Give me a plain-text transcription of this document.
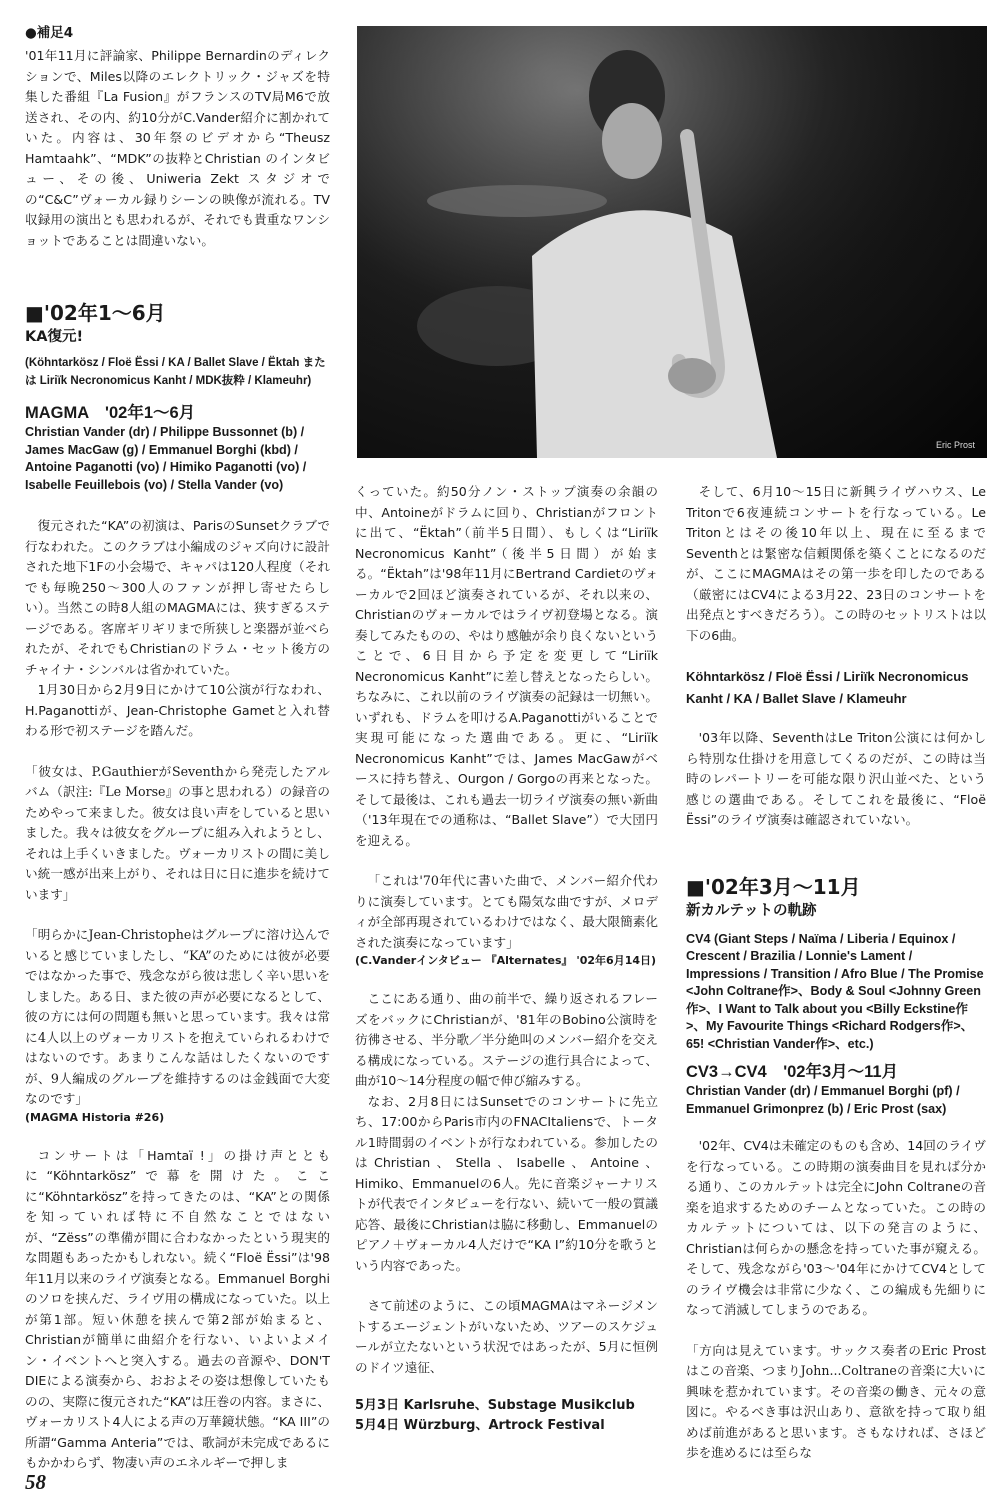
Eric Prost

●補足4

'01年11月に評論家、Philippe Bernardinのディレクションで、Miles以降のエレクトリック・ジャズを特集した番組『La Fusion』がフランスのTV局M6で放送され、その内、約10分がC.Vander紹介に割かれていた。内容は、30年祭のビデオから“Theusz Hamtaahk”、“MDK”の抜粋とChristian のインタビュー、その後、Uniweria Zekt スタジオでの“C&C”ヴォーカル録りシーンの映像が流れる。TV収録用の演出とも思われるが、それでも貴重なワンショットであることは間違いない。

■'02年1〜6月

KA復元!

(Köhntarkösz / Floë Ëssi / KA / Ballet Slave / Ëktah または Liriïk Necronomicus Kanht / MDK抜粋 / Klameuhr)

MAGMA　'02年1〜6月

Christian Vander (dr) / Philippe Bussonnet (b) / James MacGaw (g) / Emmanuel Borghi (kbd) / Antoine Paganotti (vo) / Himiko Paganotti (vo) / Isabelle Feuillebois (vo) / Stella Vander (vo)

復元された“KA”の初演は、ParisのSunsetクラブで行なわれた。このクラブは小編成のジャズ向けに設計された地下1Fの小会場で、キャパは120人程度（それでも毎晩250〜300人のファンが押し寄せたらしい）。当然この時8人組のMAGMAには、狭すぎるステージである。客席ギリギリまで所狭しと楽器が並べられたが、それでもChristianのドラム・セット後方のチャイナ・シンバルは省かれていた。

1月30日から2月9日にかけて10公演が行なわれ、H.Paganottiが、Jean-Christophe Gametと入れ替わる形で初ステージを踏んだ。

「彼女は、P.GauthierがSeventhから発売したアルバム（訳注:『Le Morse』の事と思われる）の録音のためやって来ました。彼女は良い声をしていると思いました。我々は彼女をグループに組み入れようとし、それは上手くいきました。ヴォーカリストの間に美しい統一感が出来上がり、それは日に日に進歩を続けています」

「明らかにJean-Christopheはグループに溶け込んでいると感じていましたし、“KA”のためには彼が必要ではなかった事で、残念ながら彼は悲しく辛い思いをしました。ある日、また彼の声が必要になるとして、彼の方には何の問題も無いと思っています。我々は常に4人以上のヴォーカリストを抱えていられるわけではないのです。あまりこんな話はしたくないのですが、9人編成のグループを維持するのは金銭面で大変なのです」

(MAGMA Historia #26)

コンサートは「Hamtaï !」の掛け声とともに“Köhntarkösz”で幕を開けた。ここに“Köhntarkösz”を持ってきたのは、“KA”との関係を知っていれば特に不自然なことではないが、“Zëss”の準備が間に合わなかったという現実的な問題もあったかもしれない。続く“Floë Ëssi”は'98年11月以来のライヴ演奏となる。Emmanuel Borghiのソロを挟んだ、ライヴ用の構成になっていた。以上が第1部。短い休憩を挟んで第2部が始まると、Christianが簡単に曲紹介を行ない、いよいよメイン・イベントへと突入する。過去の音源や、DON'T DIEによる演奏から、おおよその姿は想像していたものの、実際に復元された“KA”は圧巻の内容。まさに、ヴォーカリスト4人による声の万華鏡状態。“KA III”の所謂“Gamma Anteria”では、歌詞が未完成であるにもかかわらず、物凄い声のエネルギーで押しま

くっていた。約50分ノン・ストップ演奏の余韻の中、Antoineがドラムに回り、Christianがフロントに出て、“Ëktah”（前半5日間）、もしくは“Liriïk Necronomicus Kanht”（後半5日間）が始まる。“Ëktah”は'98年11月にBertrand Cardietのヴォーカルで2回ほど演奏されているが、それ以来の、Christianのヴォーカルではライヴ初登場となる。演奏してみたものの、やはり感触が余り良くないということで、6日目から予定を変更して“Liriïk Necronomicus Kanht”に差し替えとなったらしい。ちなみに、これ以前のライヴ演奏の記録は一切無い。いずれも、ドラムを叩けるA.Paganottiがいることで実現可能になった選曲である。更に、“Liriïk Necronomicus Kanht”では、James MacGawがベースに持ち替え、Ourgon / Gorgoの再来となった。そして最後は、これも過去一切ライヴ演奏の無い新曲（'13年現在での通称は、“Ballet Slave”）で大団円を迎える。

「これは'70年代に書いた曲で、メンバー紹介代わりに演奏しています。とても陽気な曲ですが、メロディが全部再現されているわけではなく、最大限簡素化された演奏になっています」

(C.Vanderインタビュー 『Alternates』 '02年6月14日)

ここにある通り、曲の前半で、繰り返されるフレーズをバックにChristianが、'81年のBobino公演時を彷彿させる、半分歌／半分絶叫のメンバー紹介を交える構成になっている。ステージの進行具合によって、曲が10〜14分程度の幅で伸び縮みする。

なお、2月8日にはSunsetでのコンサートに先立ち、17:00からParis市内のFNACItaliensで、トータル1時間弱のイベントが行なわれている。参加したのはChristian、Stella、Isabelle、Antoine、Himiko、Emmanuelの6人。先に音楽ジャーナリストが代表でインタビューを行ない、続いて一般の質議応答、最後にChristianは脇に移動し、Emmanuelのピアノ＋ヴォーカル4人だけで“KA I”約10分を歌うという内容であった。

さて前述のように、この頃MAGMAはマネージメントするエージェントがいないため、ツアーのスケジュールが立たないという状況ではあったが、5月に恒例のドイツ遠征、

5月3日 Karlsruhe、Substage Musikclub

5月4日 Würzburg、Artrock Festival

そして、6月10〜15日に新興ライヴハウス、Le Tritonで6夜連続コンサートを行なっている。Le Tritonとはその後10年以上、現在に至るまでSeventhとは緊密な信頼関係を築くことになるのだが、ここにMAGMAはその第一歩を印したのである（厳密にはCV4による3月22、23日のコンサートを出発点とすべきだろう）。この時のセットリストは以下の6曲。

Köhntarkösz / Floë Ëssi / Liriïk Necronomicus Kanht / KA / Ballet Slave / Klameuhr

'03年以降、SeventhはLe Triton公演には何かしら特別な仕掛けを用意してくるのだが、この時は当時のレパートリーを可能な限り沢山並べた、という感じの選曲である。そしてこれを最後に、“Floë Ëssi”のライヴ演奏は確認されていない。

■'02年3月〜11月

新カルテットの軌跡

CV4 (Giant Steps / Naïma / Liberia / Equinox / Crescent / Brazilia / Lonnie's Lament / Impressions / Transition / Afro Blue / The Promise <John Coltrane作>、Body & Soul <Johnny Green作>、I Want to Talk about you <Billy Eckstine作>、My Favourite Things <Richard Rodgers作>、65! <Christian Vander作>、etc.)

CV3→CV4　'02年3月〜11月

Christian Vander (dr) / Emmanuel Borghi (pf) / Emmanuel Grimonprez (b) / Eric Prost (sax)

'02年、CV4は未確定のものも含め、14回のライヴを行なっている。この時期の演奏曲目を見れば分かる通り、このカルテットは完全にJohn Coltraneの音楽を追求するためのチームとなっていた。この時のカルテットについては、以下の発言のように、Christianは何らかの懸念を持っていた事が窺える。そして、残念ながら'03〜'04年にかけてCV4としてのライヴ機会は非常に少なく、この編成も先細りになって消滅してしまうのである。

「方向は見えています。サックス奏者のEric Prostはこの音楽、つまりJohn...Coltraneの音楽に大いに興味を惹かれています。その音楽の働き、元々の意図に。やるべき事は沢山あり、意欲を持って取り組めば前進があると思います。さもなければ、さほど歩を進めるには至らな

58
